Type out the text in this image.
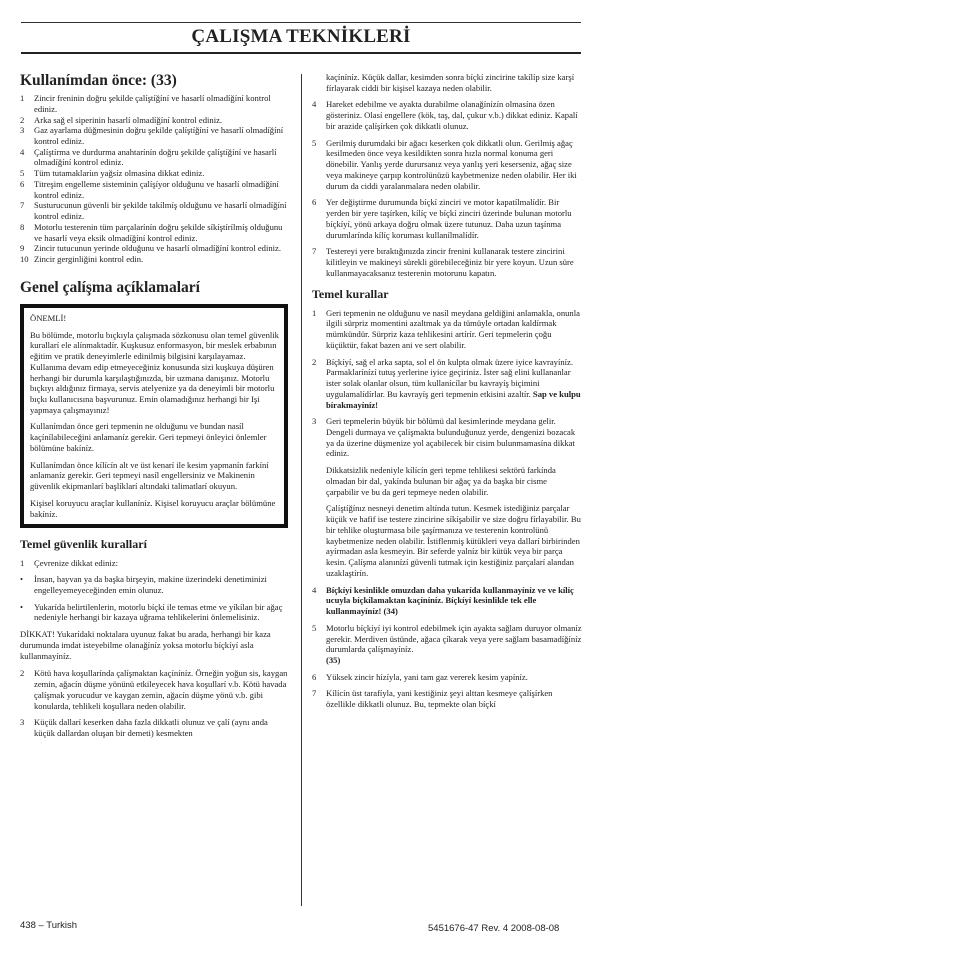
ÇALIŞMA TEKNİKLERİ
Kullanímdan önce: (33)
1	Zincir freninin doğru şekilde çalíştíğíní ve hasarlí olmadíğíní kontrol ediniz.
2	Arka sağ el siperinin hasarlí olmadíğíní kontrol ediniz.
3	Gaz ayarlama düğmesinin doğru şekilde çalíştíğíní ve hasarlí olmadíğíní kontrol ediniz.
4	Çalíştírma ve durdurma anahtarínín doğru şekilde çalíştíğíní ve hasarlí olmadíğíní kontrol ediniz.
5	Tüm tutamaklaríın yağsíz olmasína dikkat ediniz.
6	Titreşim engelleme sisteminin çalíşíyor olduğunu ve hasarlí olmadíğíní kontrol ediniz.
7	Susturucunun güvenli bir şekilde takílmíş olduğunu ve hasarlí olmadíğíní kontrol ediniz.
8	Motorlu testerenin tüm parçalarínín doğru şekilde síkíştírílmíş olduğunu ve hasarlí veya eksik olmadíğíní kontrol ediniz.
9	Zincir tutucunun yerinde olduğunu ve hasarlí olmadíğíní kontrol ediniz.
10 Zincir gerginliğini kontrol edin.
Genel çalíşma açíklamalarí

ÖNEMLİ!

Bu bölümde, motorlu bıçkıyla çalışmada sözkonusu olan temel güvenlik kurallarí ele alínmaktadír. Kuşkusuz enformasyon, bir meslek erbabının eğitim ve pratik deneyimlerle edinilmiş bilgisini karşılayamaz. Kullanıma devam edip etmeyeceğiniz konusunda sizi kuşkuya düşüren herhangi bir durumla karşılaştığınızda, bir uzmana danışınız. Motorlu bıçkıyı aldığınız firmaya, servis atelyenize ya da deneyimli bir motorlu bıçkı kullanıcısına başvurunuz. Emin olamadığınız herhangi bir Işi yapmaya çalışmayınız!

Kullanímdan önce geri tepmenin ne olduğunu ve bundan nasíl kaçínílabileceğini anlamaníz gerekir. Geri tepmeyi önleyici önlemler bölümüne bakíníz.

Kullanímdan önce kílícín alt ve üst kenarí ile kesim yapmanín farkíní anlamaníz gerekir. Geri tepmeyi nasíl engellersiniz ve Makinenin güvenlik ekipmanlarí başlíklarí altındaki talimatlarí okuyun.

Kişisel koruyucu araçlar kullaníníz. Kişisel koruyucu araçlar bölümüne bakíníz.

Temel güvenlik kurallarí
1	Çevrenize dikkat ediniz:
•	İnsan, hayvan ya da başka birşeyin, makine üzerindeki denetiminizi engelleyemeyeceğinden emin olunuz.
•	Yukarída belirtilenlerin, motorlu bíçkí ile temas etme ve yíkílan bir ağaç nedeniyle herhangi bir kazaya uğrama tehlikelerini önlemelisiniz.

DİKKAT! Yukarídaki noktalara uyunuz fakat bu arada, herhangi bir kaza durumunda imdat isteyebilme olanağíníz yoksa motorlu bíçkíyí asla kullanmayíníz.

2	Kötü hava koşullarínda çalíşmaktan kaçíníníz. Örneğin yoğun sis, kaygan zemin, ağacín düşme yönünü etkileyecek hava koşullarí v.b. Kötü havada çalíşmak yorucudur ve kaygan zemin, ağacín düşme yönü v.b. gibi konularda, tehlikeli koşullara neden olabilir.
3	Küçük dallarí keserken daha fazla dikkatli olunuz ve çalí (aynı anda küçük dallardan oluşan bir demeti) kesmekten

kaçíníníz. Küçük dallar, kesimden sonra bíçkí zincirine takílíp size karşí fírlayarak ciddi bir kişisel kazaya neden olabilir.

4	Hareket edebilme ve ayakta durabilme olanağínízín olmasína özen gösteriniz. Olasí engellere (kök, taş, dal, çukur v.b.) dikkat ediniz. Kapalí bir arazide çalíşírken çok dikkatli olunuz.
5	Gerilmiş durumdaki bir ağacı keserken çok dikkatli olun. Gerilmiş ağaç kesilmeden önce veya kesildikten sonra hızla normal konuma geri dönebilir. Yanlış yerde durursanız veya yanlış yeri keserseniz, ağaç size veya makineye çarpıp kontrolünüzü kaybetmenize neden olabilir. Her iki durum da ciddi yaralanmalara neden olabilir.
6	Yer değiştirme durumunda bíçkí zinciri ve motor kapatílmalídír. Bir yerden bir yere taşírken, kílíç ve bíçkí zinciri üzerinde bulunan motorlu bíçkíyí, yönü arkaya doğru olmak üzere tutunuz. Daha uzun taşínma durumlarínda kílíç koruması kullanílmalídír.
7	Testereyi yere bıraktığınızda zincir frenini kullanarak testere zincirini kilitleyin ve makineyi sürekli görebileceğiniz bir yere koyun. Uzun süre kullanmayacaksanız testerenin motorunu kapatın.
Temel kurallar
1	Geri tepmenin ne olduğunu ve nasíl meydana geldiğini anlamakla, onunla ilgili sürpriz momentini azaltmak ya da tümüyle ortadan kaldírmak mümkündür. Sürpriz kaza tehlikesini artírír. Geri tepmelerin çoğu küçüktür, fakat bazen ani ve sert olabilir.
2	Bíçkíyí, sağ el arka sapta, sol el ön kulpta olmak üzere iyice kavrayíníz. Parmaklarínízí tutuş yerlerine iyice geçiriniz. İster sağ elini kullananlar ister solak olanlar olsun, tüm kullanícílar bu kavrayíş biçimini uygulamalídírlar. Bu kavrayíş geri tepmenin etkisini azaltír. Sap ve kulpu bírakmayíníz!
3	Geri tepmelerin büyük bir bölümü dal kesimlerinde meydana gelir. Dengeli durmaya ve çalíşmakta bulunduğunuz yerde, dengenizi bozacak ya da üzerine düşmenize yol açabilecek bir cisim bulunmamasína dikkat ediniz.

Dikkatsizlik nedeniyle kílícín geri tepme tehlikesi sektörü farkínda olmadan bir dal, yakínda bulunan bir ağaç ya da başka bir cisme çarpabilir ve bu da geri tepmeye neden olabilir.

Çalíştíğínız nesneyi denetim altínda tutun. Kesmek istediğiniz parçalar küçük ve hafif ise testere zincirine síkíşabilir ve size doğru fírlayabilir. Bu bir tehlike oluşturmasa bile şaşírmanıza ve testerenin kontrolünü kaybetmenize neden olabilir. İstiflenmiş kütükleri veya dallarí birbirinden ayírmadan asla kesmeyin. Bir seferde yalníz bir kütük veya bir parça kesin. Çalíşma alanınízí güvenli tutmak için kestiğiniz parçalarí alandan uzaklaştírín.

4	Bíçkíyí kesinlikle omuzdan daha yukarída kullanmayíníz ve ve kílíç ucuyla bíçkílamaktan kaçíníníz. Bíçkíyí kesinlikle tek elle kullanmayíníz! (34)
5	Motorlu bíçkíyí iyi kontrol edebilmek için ayakta sağlam duruyor olmaníz gerekir. Merdiven üstünde, ağaca çíkarak veya yere sağlam basamadíğíníz durumlarda çalíşmayíníz.
(35)
6	Yüksek zincir hízíyla, yani tam gaz vererek kesim yapíníz.
7	Kílícín üst tarafíyla, yani kestiğiniz şeyi alttan kesmeye çalíşírken özellikle dikkatli olunuz. Bu, tepmekte olan bíçkí
438 – Turkish	5451676-47 Rev. 4 2008-08-08
